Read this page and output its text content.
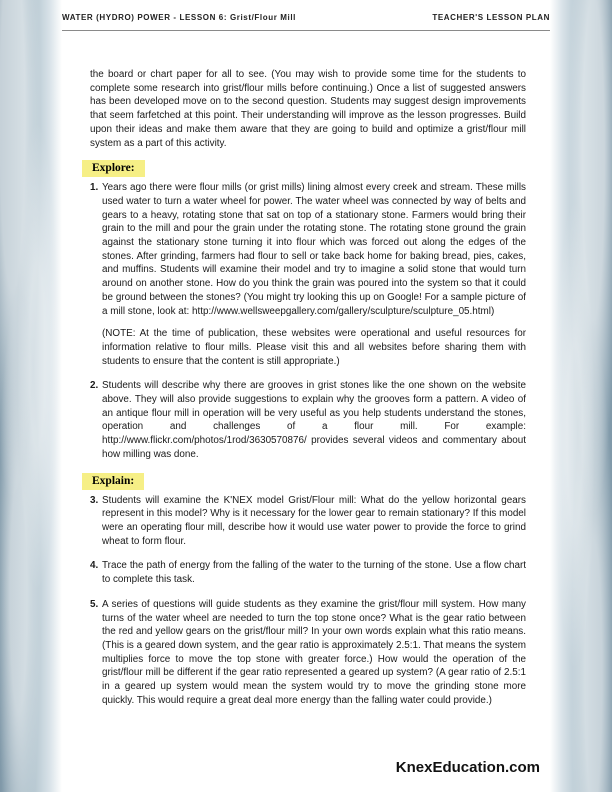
WATER (HYDRO) POWER - LESSON 6: Grist/Flour Mill	TEACHER'S LESSON PLAN

the board or chart paper for all to see. (You may wish to provide some time for the students to complete some research into grist/flour mills before continuing.) Once a list of suggested answers has been developed move on to the second question. Students may suggest design improvements that seem farfetched at this point. Their understanding will improve as the lesson progresses. Build upon their ideas and make them aware that they are going to build and optimize a grist/flour mill system as a part of this activity.

Explore:
1. Years ago there were flour mills (or grist mills) lining almost every creek and stream. These mills used water to turn a water wheel for power. The water wheel was connected by way of belts and gears to a heavy, rotating stone that sat on top of a stationary stone. Farmers would bring their grain to the mill and pour the grain under the rotating stone. The rotating stone ground the grain against the stationary stone turning it into flour which was forced out along the edges of the stones. After grinding, farmers had flour to sell or take back home for baking bread, pies, cakes, and muffins. Students will examine their model and try to imagine a solid stone that would turn around on another stone. How do you think the grain was poured into the system so that it could be ground between the stones? (You might try looking this up on Google! For a sample picture of a mill stone, look at: http://www.wellsweepgallery.com/gallery/sculpture/sculpture_05.html)
(NOTE: At the time of publication, these websites were operational and useful resources for information relative to flour mills. Please visit this and all websites before sharing them with students to ensure that the content is still appropriate.)
2. Students will describe why there are grooves in grist stones like the one shown on the website above. They will also provide suggestions to explain why the grooves form a pattern. A video of an antique flour mill in operation will be very useful as you help students understand the stones, operation and challenges of a flour mill. For example: http://www.flickr.com/photos/1rod/3630570876/ provides several videos and commentary about how milling was done.
Explain:
3. Students will examine the K'NEX model Grist/Flour mill: What do the yellow horizontal gears represent in this model? Why is it necessary for the lower gear to remain stationary? If this model were an operating flour mill, describe how it would use water power to provide the force to grind wheat to form flour.
4. Trace the path of energy from the falling of the water to the turning of the stone. Use a flow chart to complete this task.
5. A series of questions will guide students as they examine the grist/flour mill system. How many turns of the water wheel are needed to turn the top stone once? What is the gear ratio between the red and yellow gears on the grist/flour mill? In your own words explain what this ratio means. (This is a geared down system, and the gear ratio is approximately 2.5:1. That means the system multiplies force to move the top stone with greater force.) How would the operation of the grist/flour mill be different if the gear ratio represented a geared up system? (A gear ratio of 2.5:1 in a geared up system would mean the system would try to move the grinding stone more quickly. This would require a great deal more energy than the falling water could provide.)
KnexEducation.com
